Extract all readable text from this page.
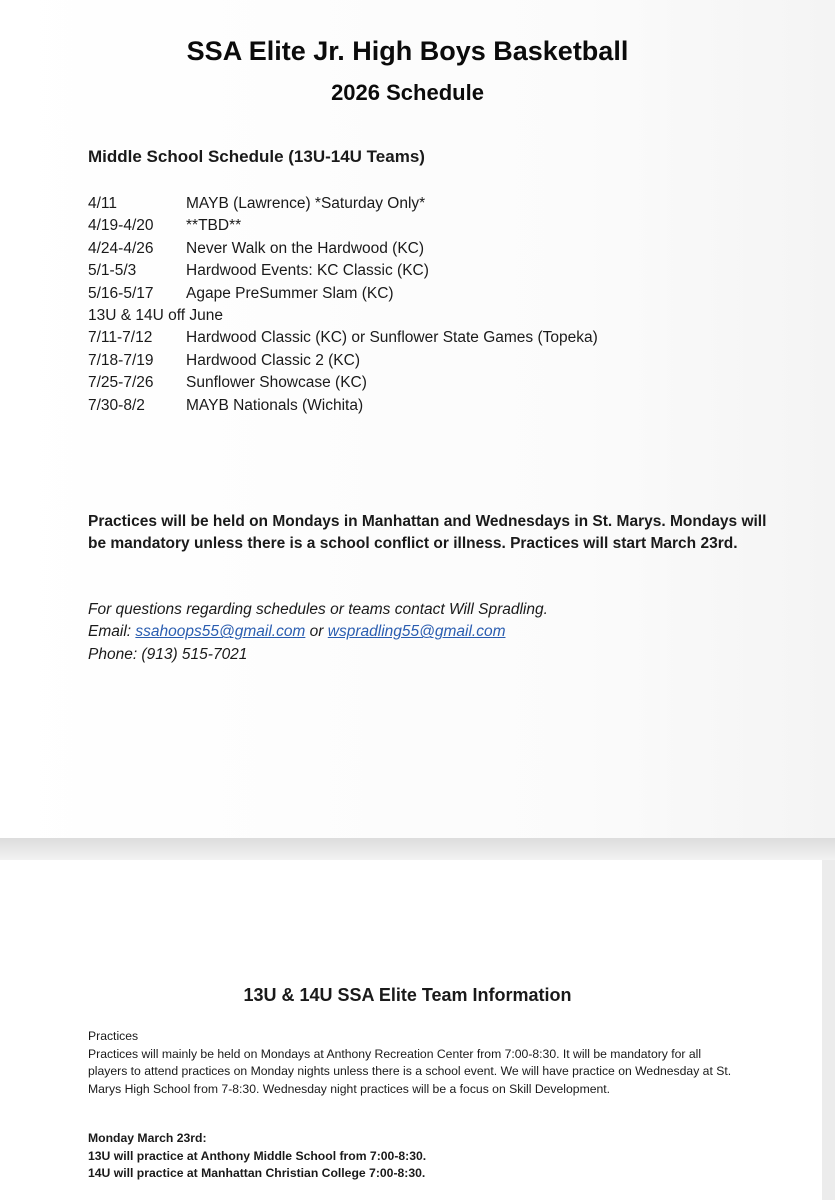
SSA Elite Jr. High Boys Basketball
2026 Schedule
Middle School Schedule (13U-14U Teams)
4/11	MAYB (Lawrence) *Saturday Only*
4/19-4/20 **TBD**
4/24-4/26 Never Walk on the Hardwood (KC)
5/1-5/3	Hardwood Events: KC Classic (KC)
5/16-5/17 Agape PreSummer Slam (KC)
13U & 14U off June
7/11-7/12 Hardwood Classic (KC) or Sunflower State Games (Topeka)
7/18-7/19 Hardwood Classic 2 (KC)
7/25-7/26 Sunflower Showcase (KC)
7/30-8/2	MAYB Nationals (Wichita)
Practices will be held on Mondays in Manhattan and Wednesdays in St. Marys. Mondays will be mandatory unless there is a school conflict or illness. Practices will start March 23rd.
For questions regarding schedules or teams contact Will Spradling.
Email: ssahoops55@gmail.com or wspradling55@gmail.com
Phone: (913) 515-7021
13U & 14U SSA Elite Team Information
Practices
Practices will mainly be held on Mondays at Anthony Recreation Center from 7:00-8:30. It will be mandatory for all players to attend practices on Monday nights unless there is a school event. We will have practice on Wednesday at St. Marys High School from 7-8:30. Wednesday night practices will be a focus on Skill Development.
Monday March 23rd:
13U will practice at Anthony Middle School from 7:00-8:30.
14U will practice at Manhattan Christian College 7:00-8:30.
